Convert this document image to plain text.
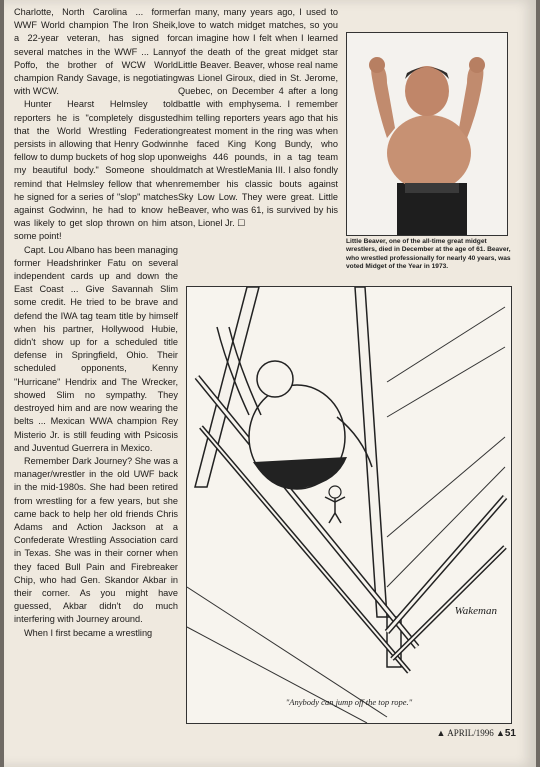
Charlotte, North Carolina ... former WWF World champion The Iron Sheik, a 22-year veteran, has signed for several matches in the WWF ... Lanny Poffo, the brother of WCW World champion Randy Savage, is negotiating with WCW.

Hunter Hearst Helmsley told reporters he is "completely disgusted that the World Wrestling Federation persists in allowing that Henry Godwinn fellow to dump buckets of hog slop upon my beautiful body." Someone should remind that Helmsley fellow that when he signed for a series of "slop" matches against Godwinn, he had to know he was likely to get slop thrown on him at some point!

Capt. Lou Albano has been managing former Headshrinker Fatu on several independent cards up and down the East Coast ... Give Savannah Slim some credit. He tried to be brave and defend the IWA tag team title by himself when his partner, Hollywood Hubie, didn't show up for a scheduled title defense in Springfield, Ohio. Their scheduled opponents, Kenny "Hurricane" Hendrix and The Wrecker, showed Slim no sympathy. They destroyed him and are now wearing the belts ... Mexican WWA champion Rey Misterio Jr. is still feuding with Psicosis and Juventud Guerrera in Mexico.

Remember Dark Journey? She was a manager/wrestler in the old UWF back in the mid-1980s. She had been retired from wrestling for a few years, but she came back to help her old friends Chris Adams and Action Jackson at a Confederate Wrestling Association card in Texas. She was in their corner when they faced Bull Pain and Firebreaker Chip, who had Gen. Skandor Akbar in their corner. As you might have guessed, Akbar didn't do much interfering with Journey around.

When I first became a wrestling

fan many, many years ago, I used to love to watch midget matches, so you can imagine how I felt when I learned of the death of the great midget star Little Beaver. Beaver, whose real name was Lionel Giroux, died in St. Jerome, Quebec, on December 4 after a long battle with emphysema. I remember him telling reporters years ago that his greatest moment in the ring was when he faced King Kong Bundy, who weighs 446 pounds, in a tag team match at WrestleMania III. I also fondly remember his classic bouts against Sky Low Low. They were great. Little Beaver, who was 61, is survived by his son, Lionel Jr. ☐

Little Beaver, one of the all-time great midget wrestlers, died in December at the age of 61. Beaver, who wrestled professionally for nearly 40 years, was voted Midget of the Year in 1973.
Wakeman
"Anybody can jump off the top rope."
▲ APRIL/1996 ▲51
